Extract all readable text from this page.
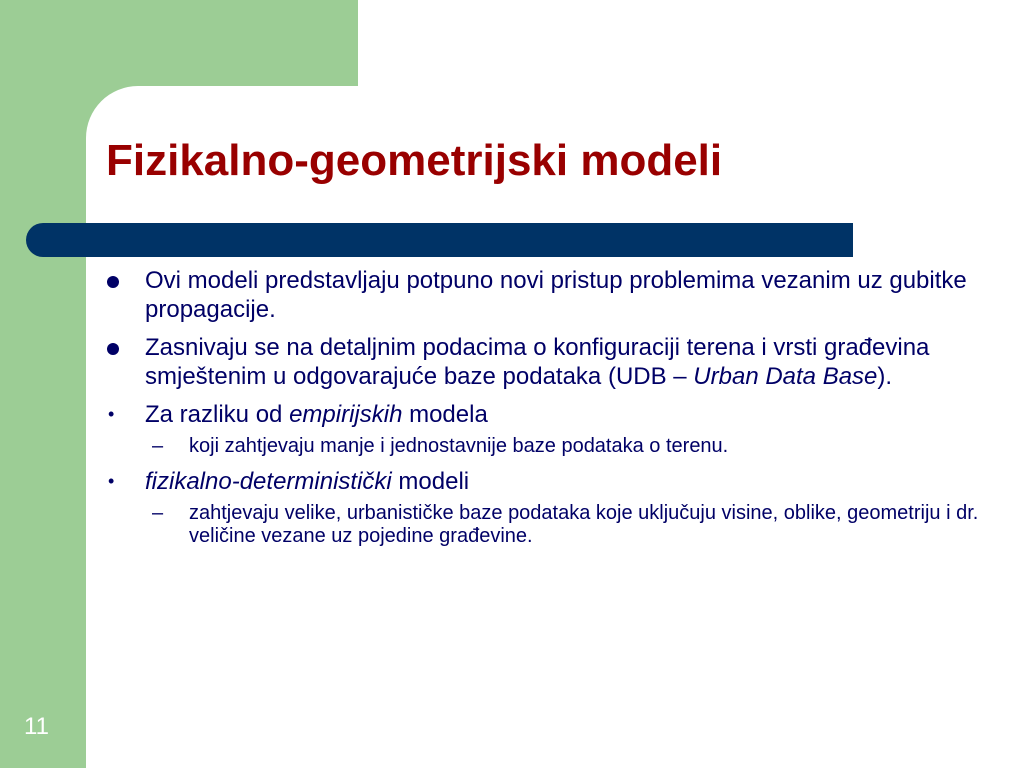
Fizikalno-geometrijski modeli

Ovi modeli predstavljaju potpuno novi pristup problemima vezanim uz gubitke propagacije.

Zasnivaju se na detaljnim podacima o konfiguraciji terena i vrsti građevina smještenim u odgovarajuće baze podataka (UDB – Urban Data Base).

•	Za razliku od empirijskih modela

–	koji zahtjevaju manje i jednostavnije baze podataka o terenu.

•	fizikalno-deterministički modeli

–	zahtjevaju velike, urbanističke baze podataka koje uključuju visine, oblike, geometriju i dr. veličine vezane uz pojedine građevine.

11
